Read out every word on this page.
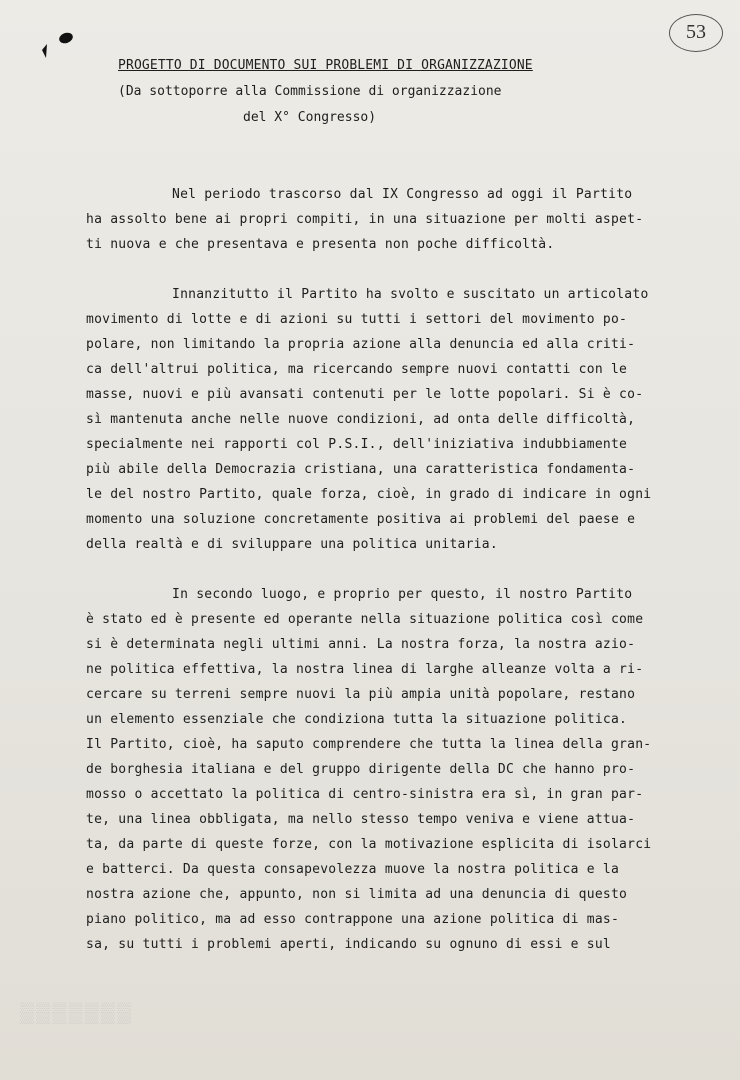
53
PROGETTO DI DOCUMENTO SUI PROBLEMI DI ORGANIZZAZIONE
(Da sottoporre alla Commissione di organizzazione
del X° Congresso)
Nel periodo trascorso dal IX Congresso ad oggi il Partito
ha assolto bene ai propri compiti, in una situazione per molti aspet-
ti nuova e che presentava e presenta non poche difficoltà.
Innanzitutto il Partito ha svolto e suscitato un articolato
movimento di lotte e di azioni su tutti i settori del movimento po-
polare, non limitando la propria azione alla denuncia ed alla criti-
ca dell'altrui politica, ma ricercando sempre nuovi contatti con le
masse, nuovi e più avansati contenuti per le lotte popolari. Si è co-
sì mantenuta anche nelle nuove condizioni, ad onta delle difficoltà,
specialmente nei rapporti col P.S.I., dell'iniziativa indubbiamente
più abile della Democrazia cristiana, una caratteristica fondamenta-
le del nostro Partito, quale forza, cioè, in grado di indicare in ogni
momento una soluzione concretamente positiva ai problemi del paese e
della realtà e di sviluppare una politica unitaria.
In secondo luogo, e proprio per questo, il nostro Partito
è stato ed è presente ed operante nella situazione politica così come
si è determinata negli ultimi anni. La nostra forza, la nostra azio-
ne politica effettiva, la nostra linea di larghe alleanze volta a ri-
cercare su terreni sempre nuovi la più ampia unità popolare, restano
un elemento essenziale che condiziona tutta la situazione politica.
Il Partito, cioè, ha saputo comprendere che tutta la linea della gran-
de borghesia italiana e del gruppo dirigente della DC che hanno pro-
mosso o accettato la politica di centro-sinistra era sì, in gran par-
te, una linea obbligata, ma nello stesso tempo veniva e viene attua-
ta, da parte di queste forze, con la motivazione esplicita di isolarci
e batterci. Da questa consapevolezza muove la nostra politica e la
nostra azione che, appunto, non si limita ad una denuncia di questo
piano politico, ma ad esso contrappone una azione politica di mas-
sa, su tutti i problemi aperti, indicando su ognuno di essi e sul
▒▒▒▒▒▒▒
